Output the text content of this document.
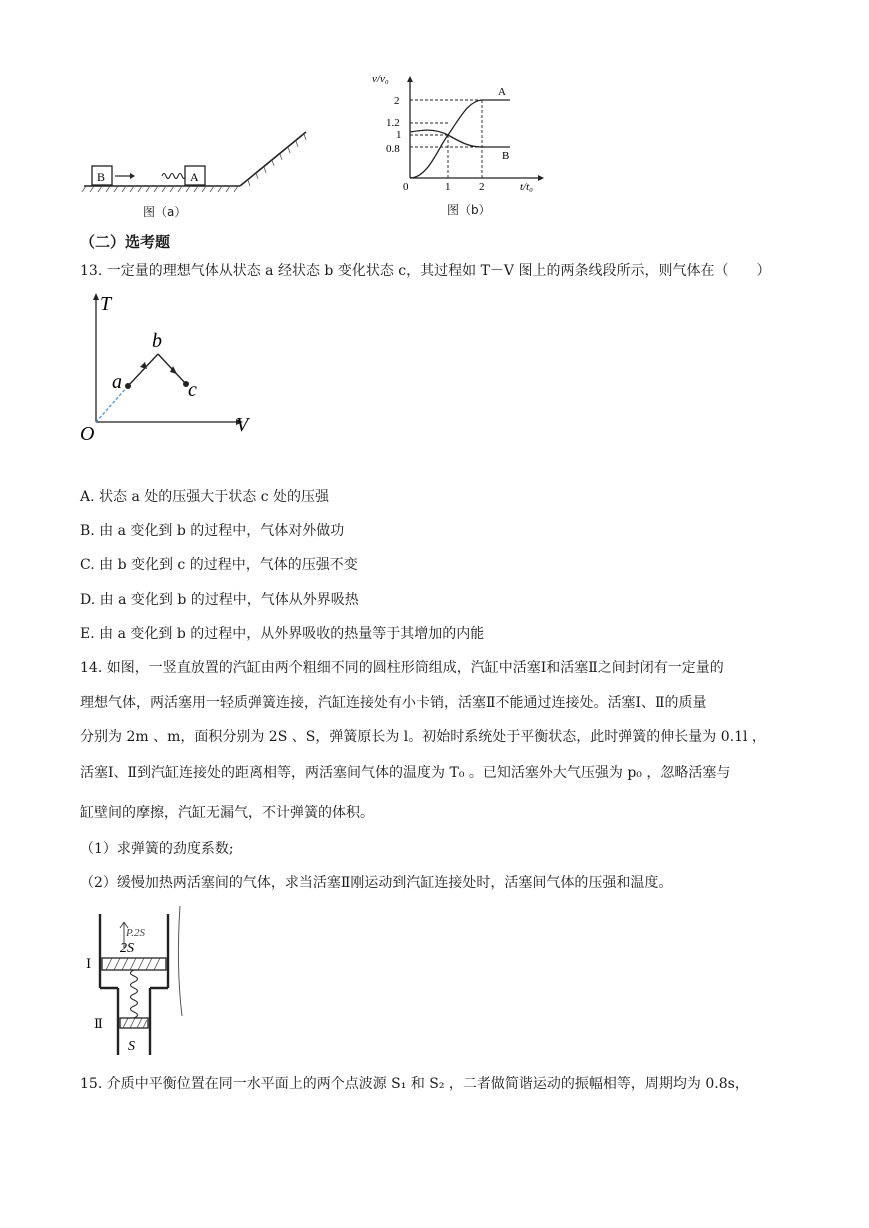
B	A
图（a）
v/v₀
2
1.2
1
0.8
0	1	2	t/t₀
A
B
图（b）
（二）选考题
13. 一定量的理想气体从状态 a 经状态 b 变化状态 c，其过程如 T－V 图上的两条线段所示，则气体在（　　）
T
V
O
a
b
c
A. 状态 a 处的压强大于状态 c 处的压强
B. 由 a 变化到 b 的过程中，气体对外做功
C. 由 b 变化到 c 的过程中，气体的压强不变
D. 由 a 变化到 b 的过程中，气体从外界吸热
E. 由 a 变化到 b 的过程中，从外界吸收的热量等于其增加的内能
14. 如图，一竖直放置的汽缸由两个粗细不同的圆柱形筒组成，汽缸中活塞Ⅰ和活塞Ⅱ之间封闭有一定量的
理想气体，两活塞用一轻质弹簧连接，汽缸连接处有小卡销，活塞Ⅱ不能通过连接处。活塞Ⅰ、Ⅱ的质量
分别为 2m 、m，面积分别为 2S 、S，弹簧原长为 l。初始时系统处于平衡状态，此时弹簧的伸长量为 0.1l ，
活塞Ⅰ、Ⅱ到汽缸连接处的距离相等，两活塞间气体的温度为 T₀ 。已知活塞外大气压强为 p₀ ，忽略活塞与
缸壁间的摩擦，汽缸无漏气，不计弹簧的体积。
（1）求弹簧的劲度系数;
（2）缓慢加热两活塞间的气体，求当活塞Ⅱ刚运动到汽缸连接处时，活塞间气体的压强和温度。
P.2S
2S
S
Ⅰ
Ⅱ
15. 介质中平衡位置在同一水平面上的两个点波源 S₁ 和 S₂ ，二者做简谐运动的振幅相等，周期均为 0.8s，
